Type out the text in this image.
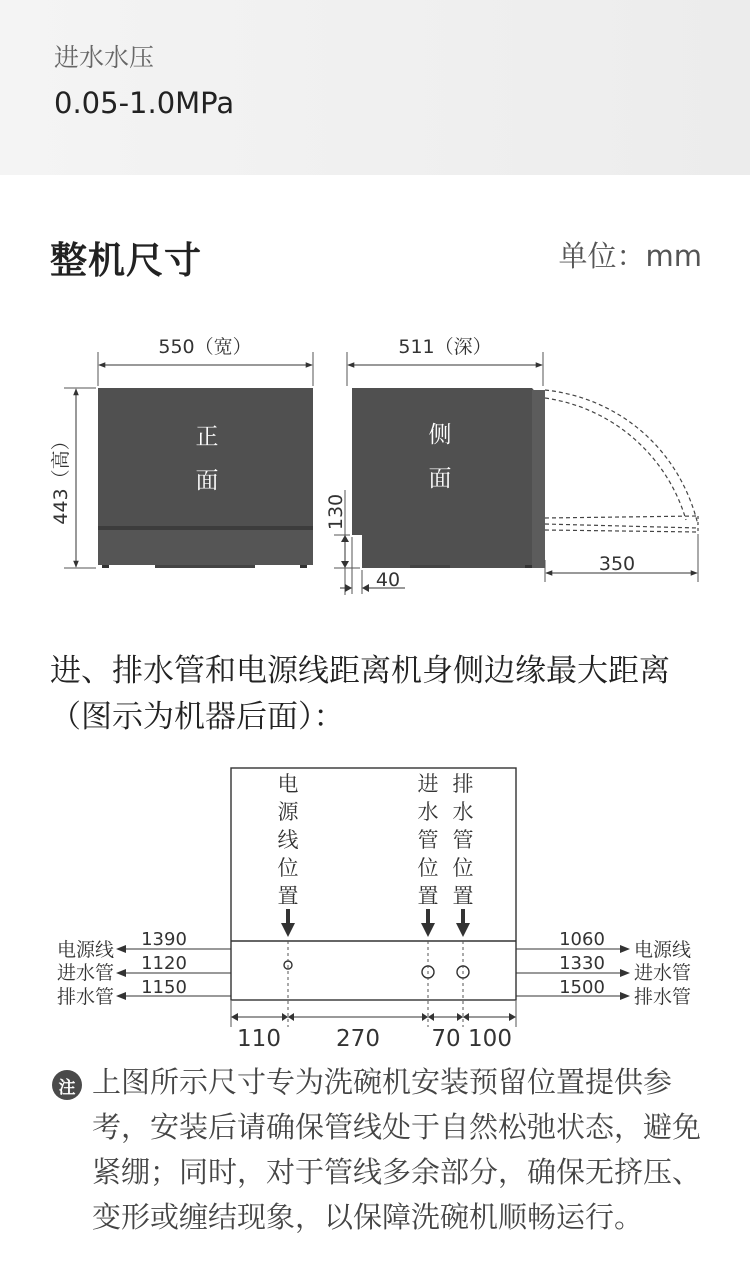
进水水压
0.05-1.0MPa
整机尺寸	单位：mm
550（宽）
443（高）	正
面
511（深）
侧
面
350
130
40
进、排水管和电源线距离机身侧边缘最大距离（图示为机器后面）：
电
源
线
位
置
进
水
管
位
置
排
水
管
位
置
电源线
进水管
排水管
1390
1120
1150
电源线
进水管
排水管
1060
1330
1500
110 270 70 100
注 上图所示尺寸专为洗碗机安装预留位置提供参考，安装后请确保管线处于自然松弛状态，避免紧绷；同时，对于管线多余部分，确保无挤压、变形或缠结现象，以保障洗碗机顺畅运行。
